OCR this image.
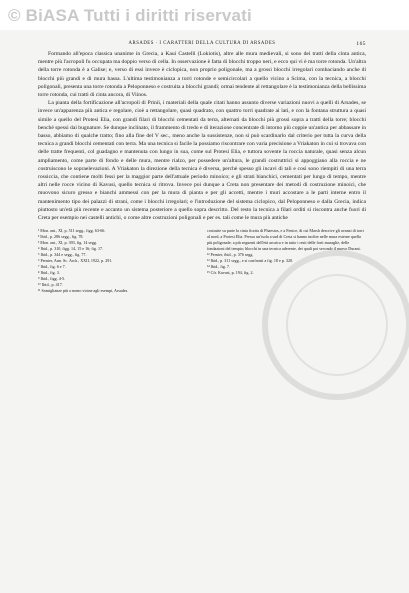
© BiASA Tutti i diritti riservati
ARSADES · I CARATTERI DELLA CULTURA DI ARSADES	165

Formando all'epoca classica unanime in Grecia, a Kaui Castelli (Lokiotis), altre alle mura medievali, si sono dei tratti della cinta antica, mentre più l'acropoli fu occupata ma doppio verso di cella. In osservazione è fatta di blocchi troppo neri, e ecco qui vi è ma torre rotonda. Un'altra della torre rotonda è a Galise; e, verso di essi invece è ciclopica, non proprio poligonale, ma a grossi blocchi irregolari combaciando anche di blocchi più grandi e di mura bassa. L'ultima testimonianza a torri rotonde e semicircolari a quello vicino a Scima, con la tecnica, a blocchi poligonali, presenta una torre rotonda a Peloponneso e costruita a blocchi grandi; ormai tendente al rettangolare è la testimonianza della bellissima torre rotonda, cui tratti di cinta ancora, di Viinos.

La pianta della fortificazione all'acropoli di Priniì, i materiali della quale citati hanno assunto diverse variazioni nuovi a quelli di Arsades, se invece un'apparenza più antica e regolare, cioè a rettangolare, quasi quadrato, con quattro torri quadrate ai lati, e con la fontana struttura a quasi simile a quello del Protesi Elia, con grandi filari di blocchi cementati da terra, alternati da blocchi più grossi sopra a tratti della torre; blocchi benché spessi dai bugnature. Se dunque inclinato, il frammento di tredo e di iterazione concentrate di intorno più coppie un'antica per abbassare in basso, abbiamo di qualche tratto; fino alla fine del V sec., meno anche la sussistenze, non si può scardinarlo dal criterio per tutta la curva della tecnica a grandi blocchi cementati con terra. Ma una tecnica si facile la possiamo riscontrare con varia precisione a Vriakaton in cui si trovava con delle tratte frequenti, col guadagno e mantenuta con lungo in sua, come sul Protesi Elia, e tuttora sovente la roccia naturale, quasi senza alcun ampliamento, come parte di fondo e delle mura, mentre rialzo, per possedere un'altura, le grandi costruttrici si appoggiano alla roccia e ne costruiscono le sopraelevazioni. A Vriakaton la direzione della tecnica è diversa, perchè spesso gli incavi di tali e così sono riempiti di una terra rossiccia, che contiene molti fessi per la maggior parte dell'attuale periodo minoico; e gli strati bianchici, cementati per lungo di tempo, mentre altri nelle rocce vicino di Kavusi, quello tecnica si ritrova. Invece poi dunque a Creta non presentare dei metodi di costruzione minoici, che muovono sicuro gresso e bianchi ammessi con per la mura di pianta e per gli accetti, mentre i muri accostare a le parti interne entro il mantenimento tipo dei palazzi di strani, come i blocchi irregolari; e l'introduzione del sistema ciclopico, dal Peloponneso e dalla Grecia, indica piuttosto un'età più recente e accanto un sistema posteriore a quello sopra descritto. Del resto la tecnica a filari orditi si riscontra anche fuori di Creta per esempio nei castelli antichi, o come altre costruzioni poligonali e per es. tali come le mura più antiche

¹ Mon. ant., XI, p. 511 segg., figg. 63-66.
² Ibid., p. 286 segg., fig. 78.
³ Mon. ant., XI, p. 393, fig. 14 segg.
⁴ Ibid., p. 310, figg. 14, 15 e 16; fig. 17.
⁵ Ibid., p. 344 e segg., fig. 77.
⁶ Pernier, Ann. Sc. Arch., XXII, 1922, p. 291.
⁷ Ibid., fig. 6 e 7.
⁸ Ibid., fig. 3.
⁹ Ibid., figg. 4-5.
¹⁰ Ibid., p. 417.
¹¹ Somiglianze più o meno vicine agli esempi, Arsades.
costruite su parte la cinta fiorita di Phaestos, e a Fenice, di cui Marsh descrive gli avanzi di torri al nord, a Protesi Elia. Presso un'isola a sud di Creta si hanno inoltre nelle mura esterne quella più poligonale; a più seguenti dell'età arcaica e in tutto i resti delle forti muraglie, delle fondazioni del tempio; blocchi in una tecnica aderente, dei quali poi secondo il nuovo Durani.
¹² Pernier, ibid., p. 376 segg.
¹³ Ibid., p. 311 segg., e si confronti a fig. 18 e p. 320.
¹⁴ Ibid., fig. 7.
¹⁵ Cfr. Kavusi, p. 194, fig. 2.
